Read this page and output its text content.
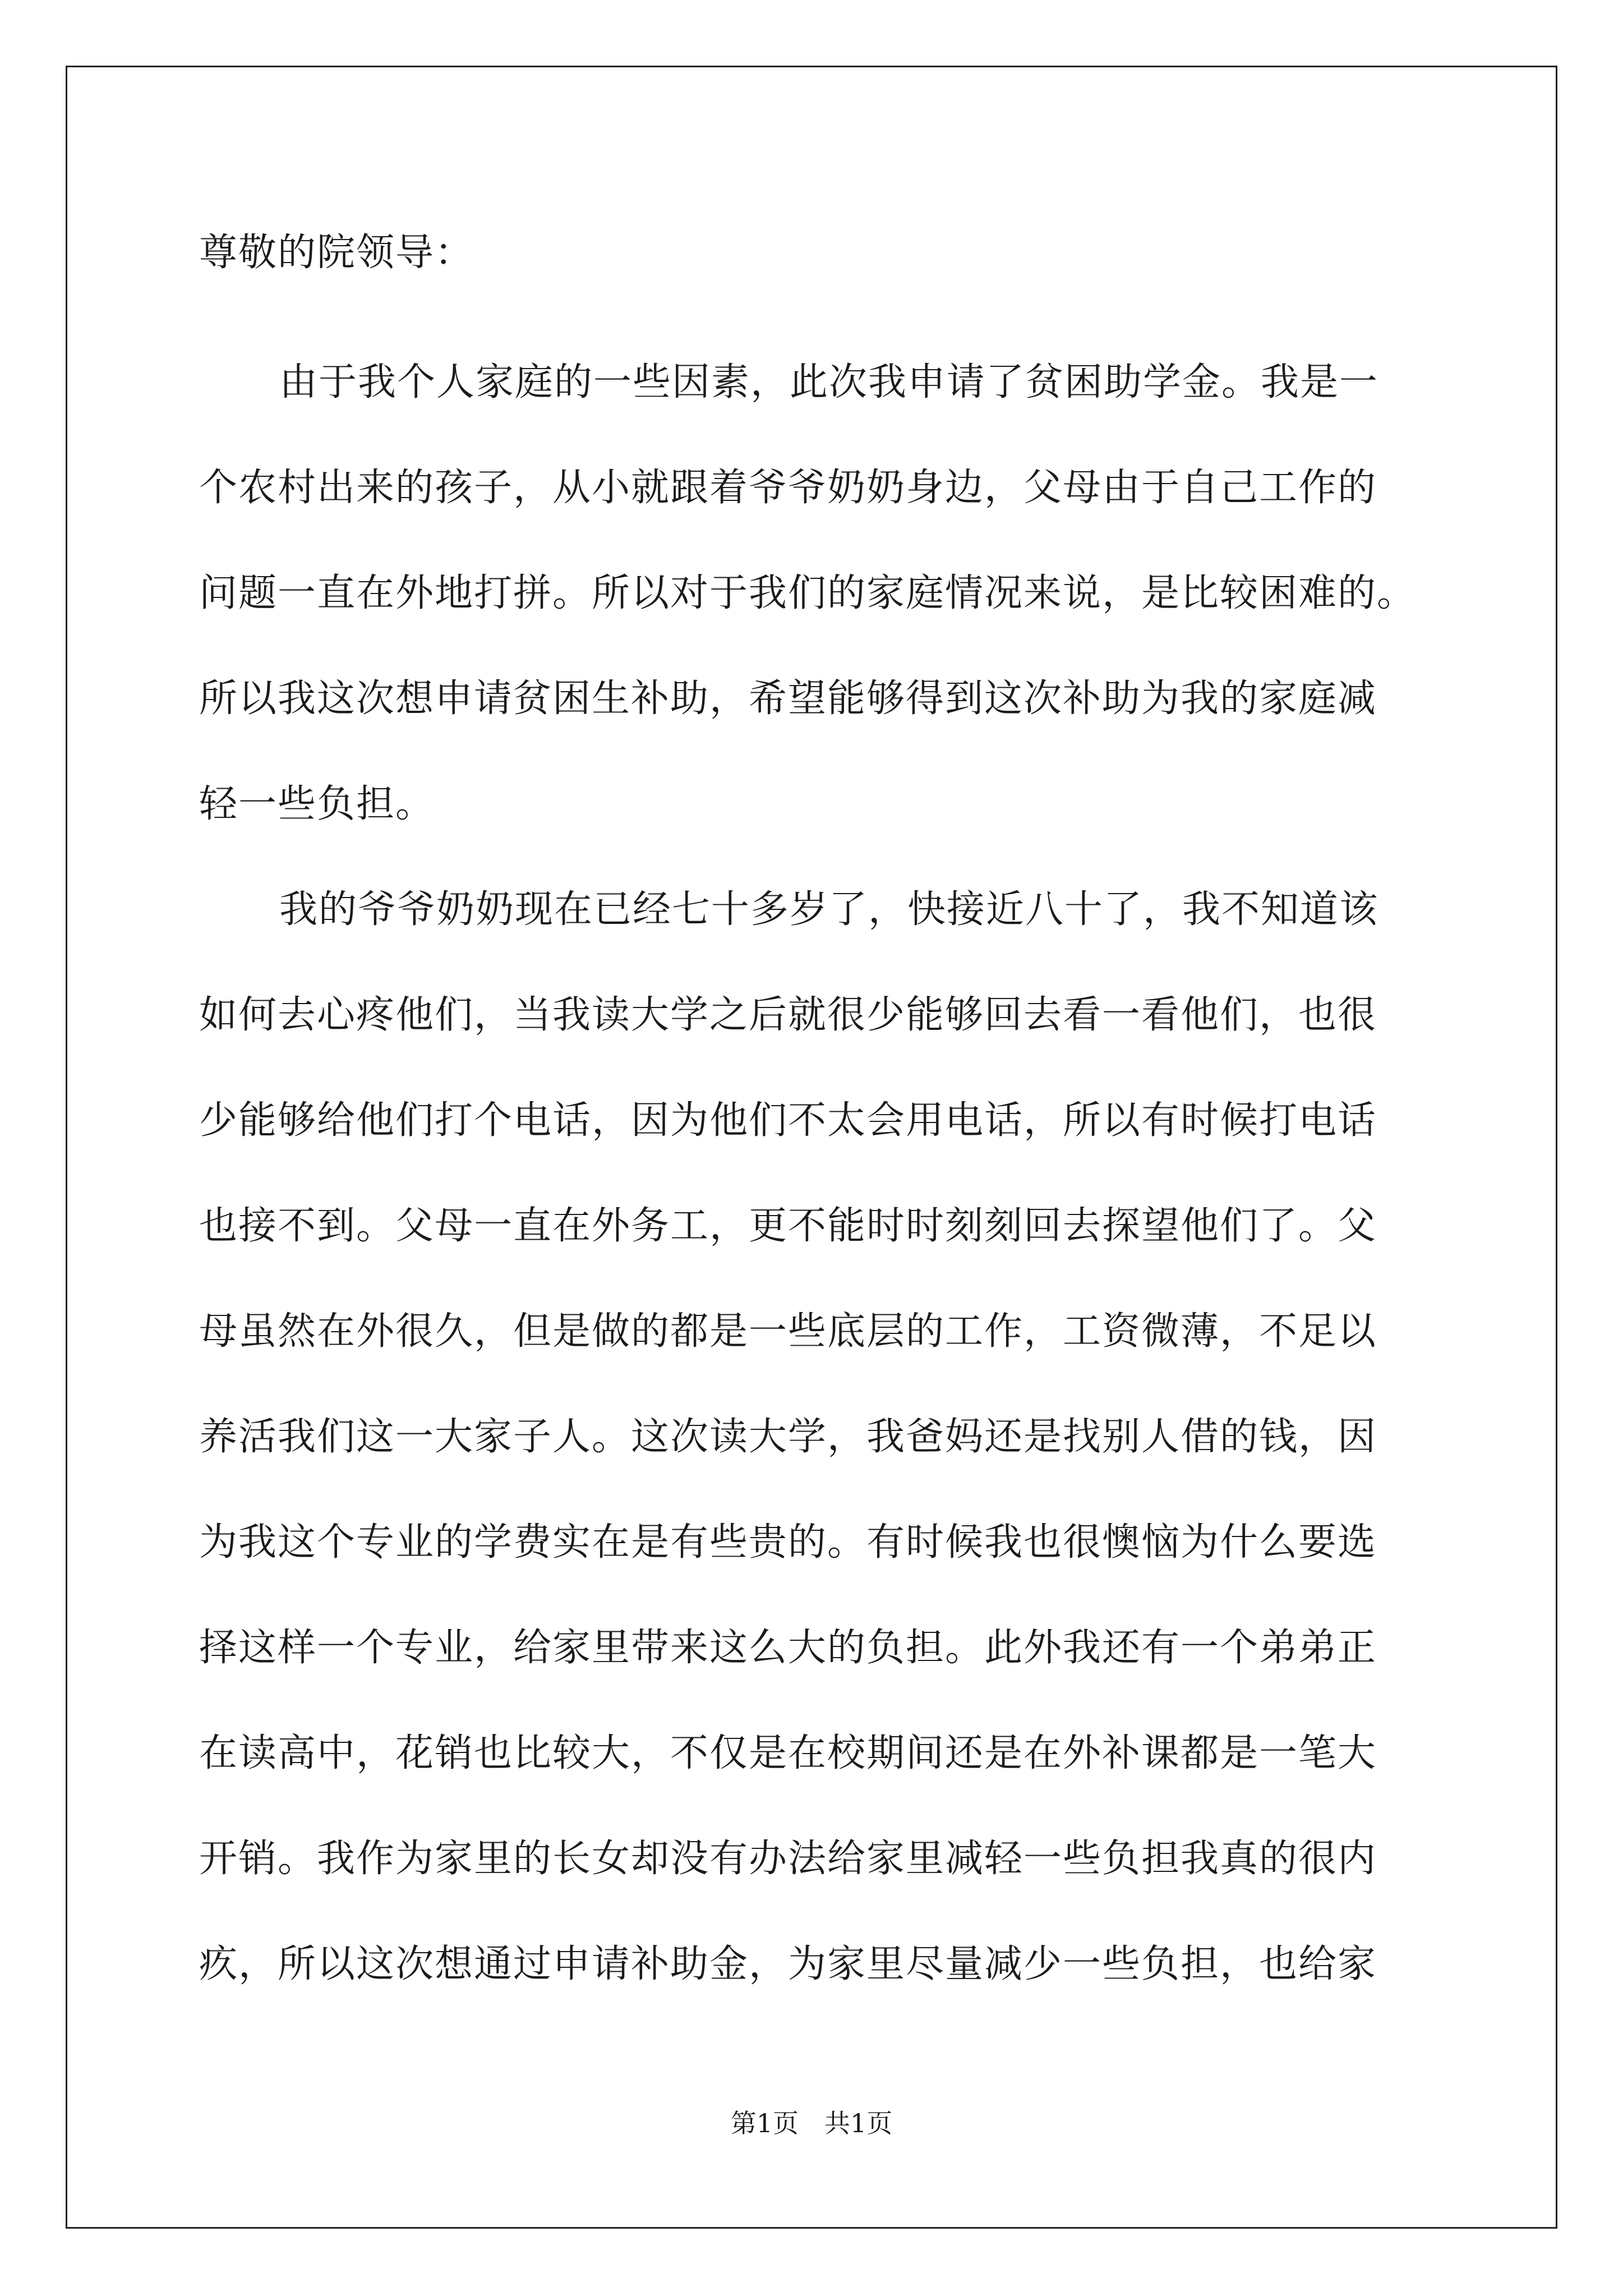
尊敬的院领导：
由于我个人家庭的一些因素，此次我申请了贫困助学金。我是一
个农村出来的孩子，从小就跟着爷爷奶奶身边，父母由于自己工作的
问题一直在外地打拼。所以对于我们的家庭情况来说，是比较困难的。
所以我这次想申请贫困生补助，希望能够得到这次补助为我的家庭减
轻一些负担。
我的爷爷奶奶现在已经七十多岁了，快接近八十了，我不知道该
如何去心疼他们，当我读大学之后就很少能够回去看一看他们，也很
少能够给他们打个电话，因为他们不太会用电话，所以有时候打电话
也接不到。父母一直在外务工，更不能时时刻刻回去探望他们了。父
母虽然在外很久，但是做的都是一些底层的工作，工资微薄，不足以
养活我们这一大家子人。这次读大学，我爸妈还是找别人借的钱，因
为我这个专业的学费实在是有些贵的。有时候我也很懊恼为什么要选
择这样一个专业，给家里带来这么大的负担。此外我还有一个弟弟正
在读高中，花销也比较大，不仅是在校期间还是在外补课都是一笔大
开销。我作为家里的长女却没有办法给家里减轻一些负担我真的很内
疚，所以这次想通过申请补助金，为家里尽量减少一些负担，也给家
第1页　共1页
